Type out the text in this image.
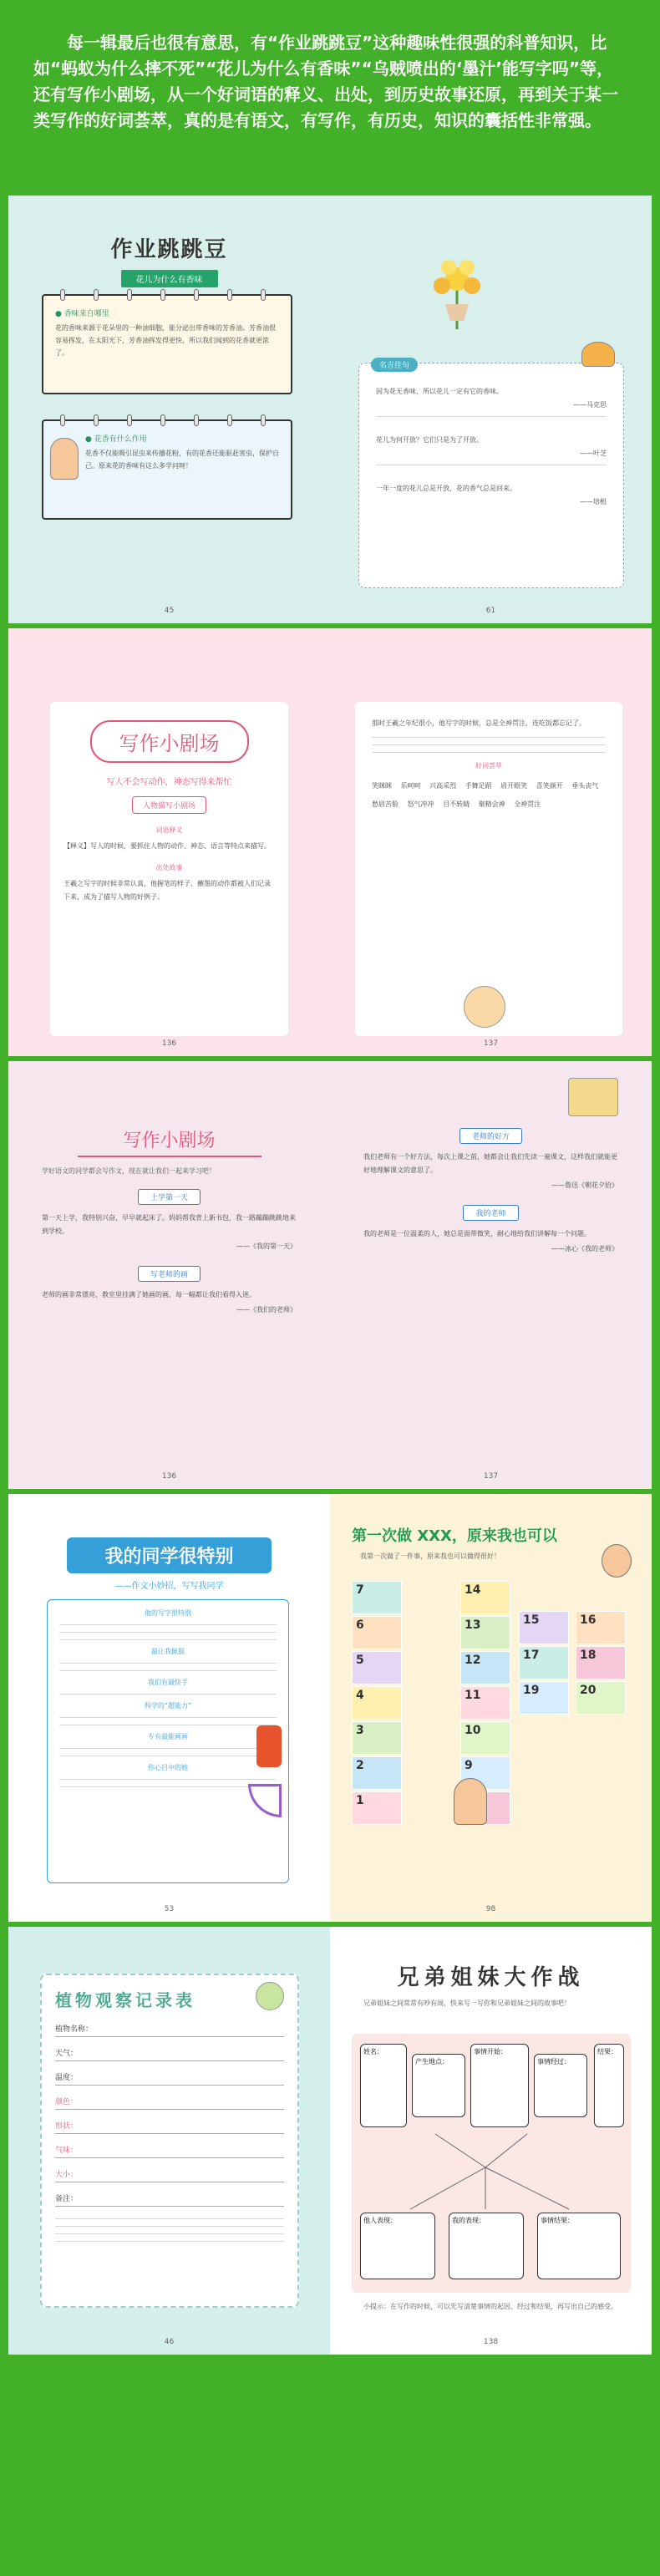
每一辑最后也很有意思，有“作业跳跳豆”这种趣味性很强的科普知识，比如“蚂蚁为什么摔不死”“花儿为什么有香味”“乌贼喷出的‘墨汁’能写字吗”等，还有写作小剧场，从一个好词语的释义、出处，到历史故事还原，再到关于某一类写作的好词荟萃，真的是有语文，有写作，有历史，知识的囊括性非常强。
作业跳跳豆
花儿为什么有香味
● 香味来自哪里
花的香味来源于花朵里的一种油细胞，能分泌出带香味的芳香油。芳香油很容易挥发，在太阳光下，芳香油挥发得更快，所以我们闻到的花香就更浓了。
● 花香有什么作用
花香不仅能吸引昆虫来传播花粉，有的花香还能驱赶害虫，保护自己。原来花的香味有这么多学问呀！
45
名言佳句
因为花无香味，所以花儿一定有它的香味。
——马克思
花儿为何开放？它们只是为了开放。
——叶芝
一年一度的花儿总是开放，花的香气总是回来。
——培根
61
写作小剧场
写人不会写动作，神态写得来帮忙
人物描写小剧场
词语释义
【释义】写人的时候，要抓住人物的动作、神态、语言等特点来描写。
出处故事
王羲之写字的时候非常认真，他握笔的样子、蘸墨的动作都被人们记录下来，成为了描写人物的好例子。
136
那时王羲之年纪很小，他写字的时候，总是全神贯注，连吃饭都忘记了。
好词荟萃
笑眯眯 乐呵呵 兴高采烈 手舞足蹈 眉开眼笑 喜笑颜开 垂头丧气 愁眉苦脸 怒气冲冲 目不转睛 聚精会神 全神贯注
137
写作小剧场
学好语文的同学都会写作文，现在就让我们一起来学习吧！
上学第一天
第一天上学，我特别兴奋，早早就起床了。妈妈帮我背上新书包，我一路蹦蹦跳跳地来到学校。
——《我的第一天》
写老师的画
老师的画非常漂亮，教室里挂满了她画的画，每一幅都让我们看得入迷。
——《我们的老师》
136
老师的好方
我们老师有一个好方法，每次上课之前，她都会让我们先读一遍课文，这样我们就能更好地理解课文的意思了。
——鲁迅《朝花夕拾》
我的老师
我的老师是一位温柔的人，她总是面带微笑，耐心地给我们讲解每一个问题。
——冰心《我的老师》
137
我的同学很特别
——作文小妙招，写写我同学
他的写字很特别
最让我佩服
我们有最快手
科学的“超能力”
专有最能画画
你心目中的她
53
第一次做 XXX，原来我也可以
我第一次做了一件事，原来我也可以做得很好！
1
2
3
4
5
6
7
9
10
11
12
13
14
15	16
17	18
19	20
98
植物观察记录表
植物名称：
天气：
温度：
颜色：
形状：
气味：
大小：
备注：
46
兄弟姐妹大作战
兄弟姐妹之间常常有吵有闹，快来写一写你和兄弟姐妹之间的故事吧！
姓名：
产生地点：
事情开始：
事情经过：
结果：
他人表现：	我的表现：	事情结果：
小提示：在写作的时候，可以先写清楚事情的起因、经过和结果，再写出自己的感受。
138
